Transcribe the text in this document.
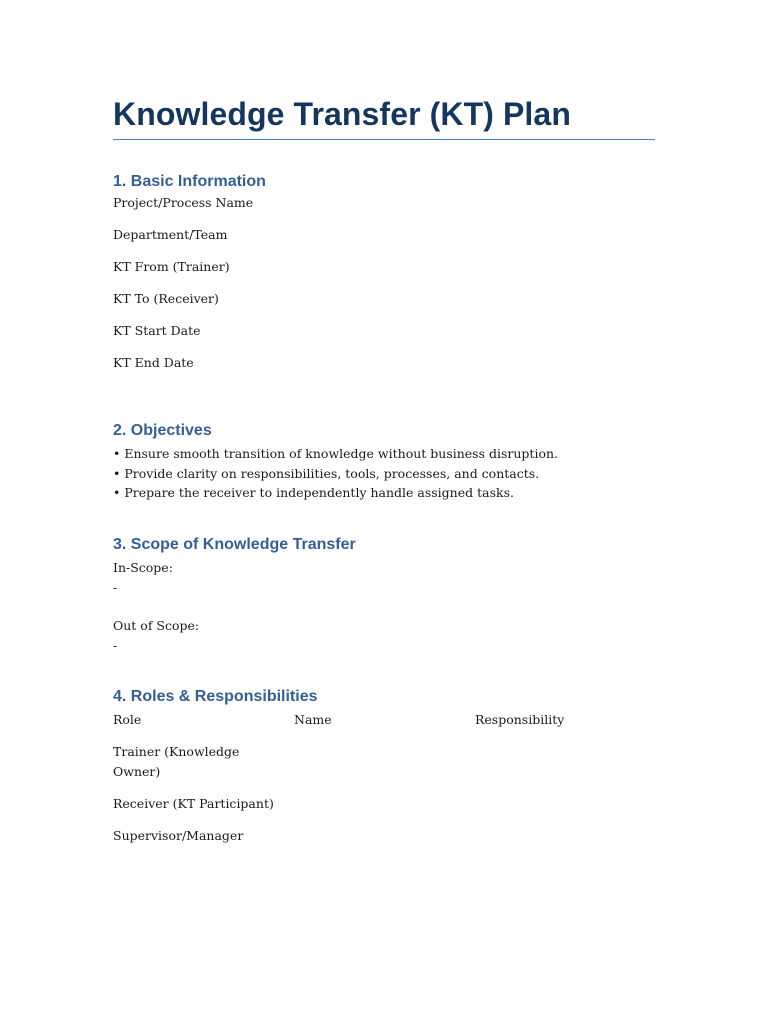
Knowledge Transfer (KT) Plan
1. Basic Information
Project/Process Name
Department/Team
KT From (Trainer)
KT To (Receiver)
KT Start Date
KT End Date
2. Objectives
• Ensure smooth transition of knowledge without business disruption.
• Provide clarity on responsibilities, tools, processes, and contacts.
• Prepare the receiver to independently handle assigned tasks.
3. Scope of Knowledge Transfer
In-Scope:
-
Out of Scope:
-
4. Roles & Responsibilities
Role	Name	Responsibility
Trainer (Knowledge Owner)
Receiver (KT Participant)
Supervisor/Manager
